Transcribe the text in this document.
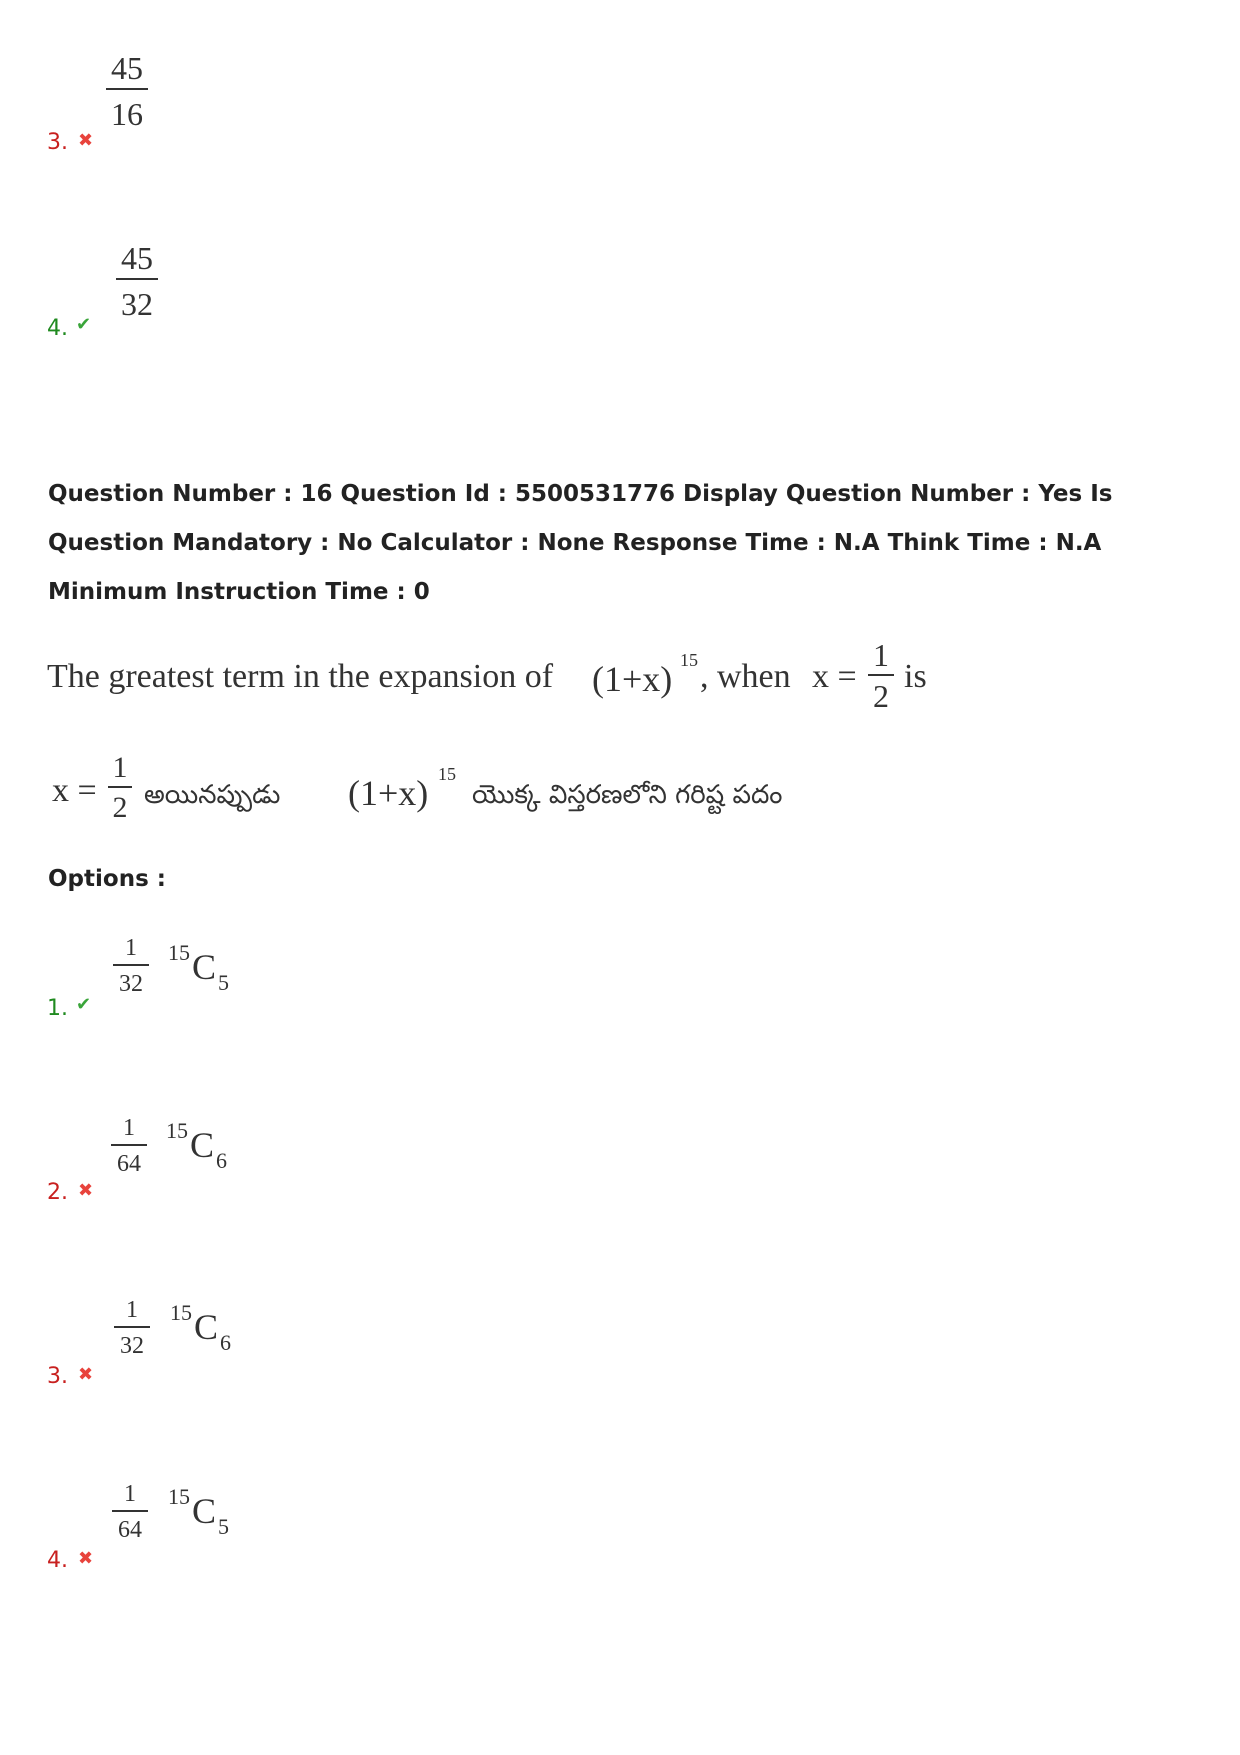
3. ✖
45
16
4. ✔
45
32
Question Number : 16 Question Id : 5500531776 Display Question Number : Yes Is Question Mandatory : No Calculator : None Response Time : N.A Think Time : N.A Minimum Instruction Time : 0
The greatest term in the expansion of (1+x) 15 , when x =
1
2
is
x =
1
2 అయినప్పుడు (1+x) 15
యొక్క విస్తరణలోని గరిష్ట పదం
Options :
1. ✔
1
32
15 C 5
2. ✖
1
64
15 C 6
3. ✖
1
32
15 C 6
4. ✖
1
64
15 C 5
